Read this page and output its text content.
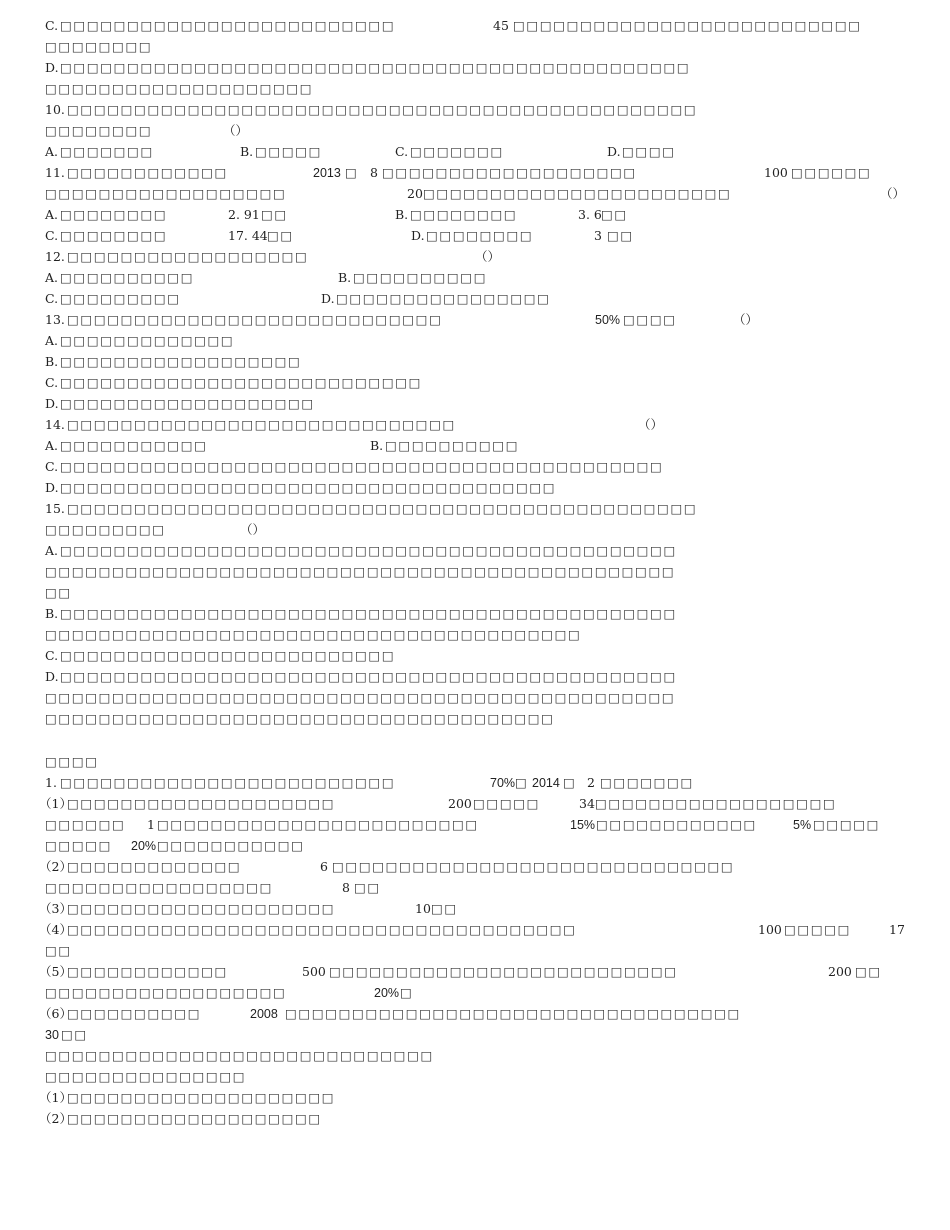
C. □□□□□□□□□□□□□□□□□□□□□□□□□	45 □□□□□□□□□□□□□□□□□□□□□□□□□□
□□□□□□□□
D. □□□□□□□□□□□□□□□□□□□□□□□□□□□□□□□□□□□□□□□□□□□□□□□
□□□□□□□□□□□□□□□□□□□□
10. □□□□□□□□□□□□□□□□□□□□□□□□□□□□□□□□□□□□□□□□□□□□□□□
□□□□□□□□	（）
A. □□□□□□□	B. □□□□□	C. □□□□□□□	D. □□□□
11. □□□□□□□□□□□□	2013 □ 8 □□□□□□□□□□□□□□□□□□□	100 □□□□□□
□□□□□□□□□□□□□□□□□□	20 □□□□□□□□□□□□□□□□□□□□□□□	（）
A. □□□□□□□□	2. 91 □□	B. □□□□□□□□	3. 6 □□
C. □□□□□□□□	17. 44 □□	D. □□□□□□□□	3 □□
12. □□□□□□□□□□□□□□□□□□	（）
A. □□□□□□□□□□	B. □□□□□□□□□□
C. □□□□□□□□□	D. □□□□□□□□□□□□□□□□
13. □□□□□□□□□□□□□□□□□□□□□□□□□□□□	50% □□□□	（）
A. □□□□□□□□□□□□□
B. □□□□□□□□□□□□□□□□□□
C. □□□□□□□□□□□□□□□□□□□□□□□□□□□
D. □□□□□□□□□□□□□□□□□□□
14. □□□□□□□□□□□□□□□□□□□□□□□□□□□□□	（）
A. □□□□□□□□□□□	B. □□□□□□□□□□
C. □□□□□□□□□□□□□□□□□□□□□□□□□□□□□□□□□□□□□□□□□□□□□
D. □□□□□□□□□□□□□□□□□□□□□□□□□□□□□□□□□□□□□
15. □□□□□□□□□□□□□□□□□□□□□□□□□□□□□□□□□□□□□□□□□□□□□□□
□□□□□□□□□	（）
A. □□□□□□□□□□□□□□□□□□□□□□□□□□□□□□□□□□□□□□□□□□□□□□
□□□□□□□□□□□□□□□□□□□□□□□□□□□□□□□□□□□□□□□□□□□□□□□
□□
B. □□□□□□□□□□□□□□□□□□□□□□□□□□□□□□□□□□□□□□□□□□□□□□
□□□□□□□□□□□□□□□□□□□□□□□□□□□□□□□□□□□□□□□□
C. □□□□□□□□□□□□□□□□□□□□□□□□□
D. □□□□□□□□□□□□□□□□□□□□□□□□□□□□□□□□□□□□□□□□□□□□□□
□□□□□□□□□□□□□□□□□□□□□□□□□□□□□□□□□□□□□□□□□□□□□□□
□□□□□□□□□□□□□□□□□□□□□□□□□□□□□□□□□□□□□□
□□□□
1. □□□□□□□□□□□□□□□□□□□□□□□□□	70% □ 2014 □ 2 □□□□□□□
（1）
□□□□□□□□□□□□□□□□□□□□	200 □□□□□	34 □□□□□□□□□□□□□□□□□□
□□□□□□ 1 □□□□□□□□□□□□□□□□□□□□□□□□	15% □□□□□□□□□□□□	5% □□□□□
□□□□□ 20% □□□□□□□□□□□
（2）
□□□□□□□□□□□□□	6 □□□□□□□□□□□□□□□□□□□□□□□□□□□□□□
□□□□□□□□□□□□□□□□□	8 □□
（3）
□□□□□□□□□□□□□□□□□□□□	10 □□
（4）
□□□□□□□□□□□□□□□□□□□□□□□□□□□□□□□□□□□□□□	100 □□□□□	17
□□
（5）
□□□□□□□□□□□□	500 □□□□□□□□□□□□□□□□□□□□□□□□□□	200 □□
□□□□□□□□□□□□□□□□□□	20% □
（6）
□□□□□□□□□□	2008 □□□□□□□□□□□□□□□□□□□□□□□□□□□□□□□□□□
30 □□
□□□□□□□□□□□□□□□□□□□□□□□□□□□□□
□□□□□□□□□□□□□□□
（1）
□□□□□□□□□□□□□□□□□□□□
（2）
□□□□□□□□□□□□□□□□□□□
